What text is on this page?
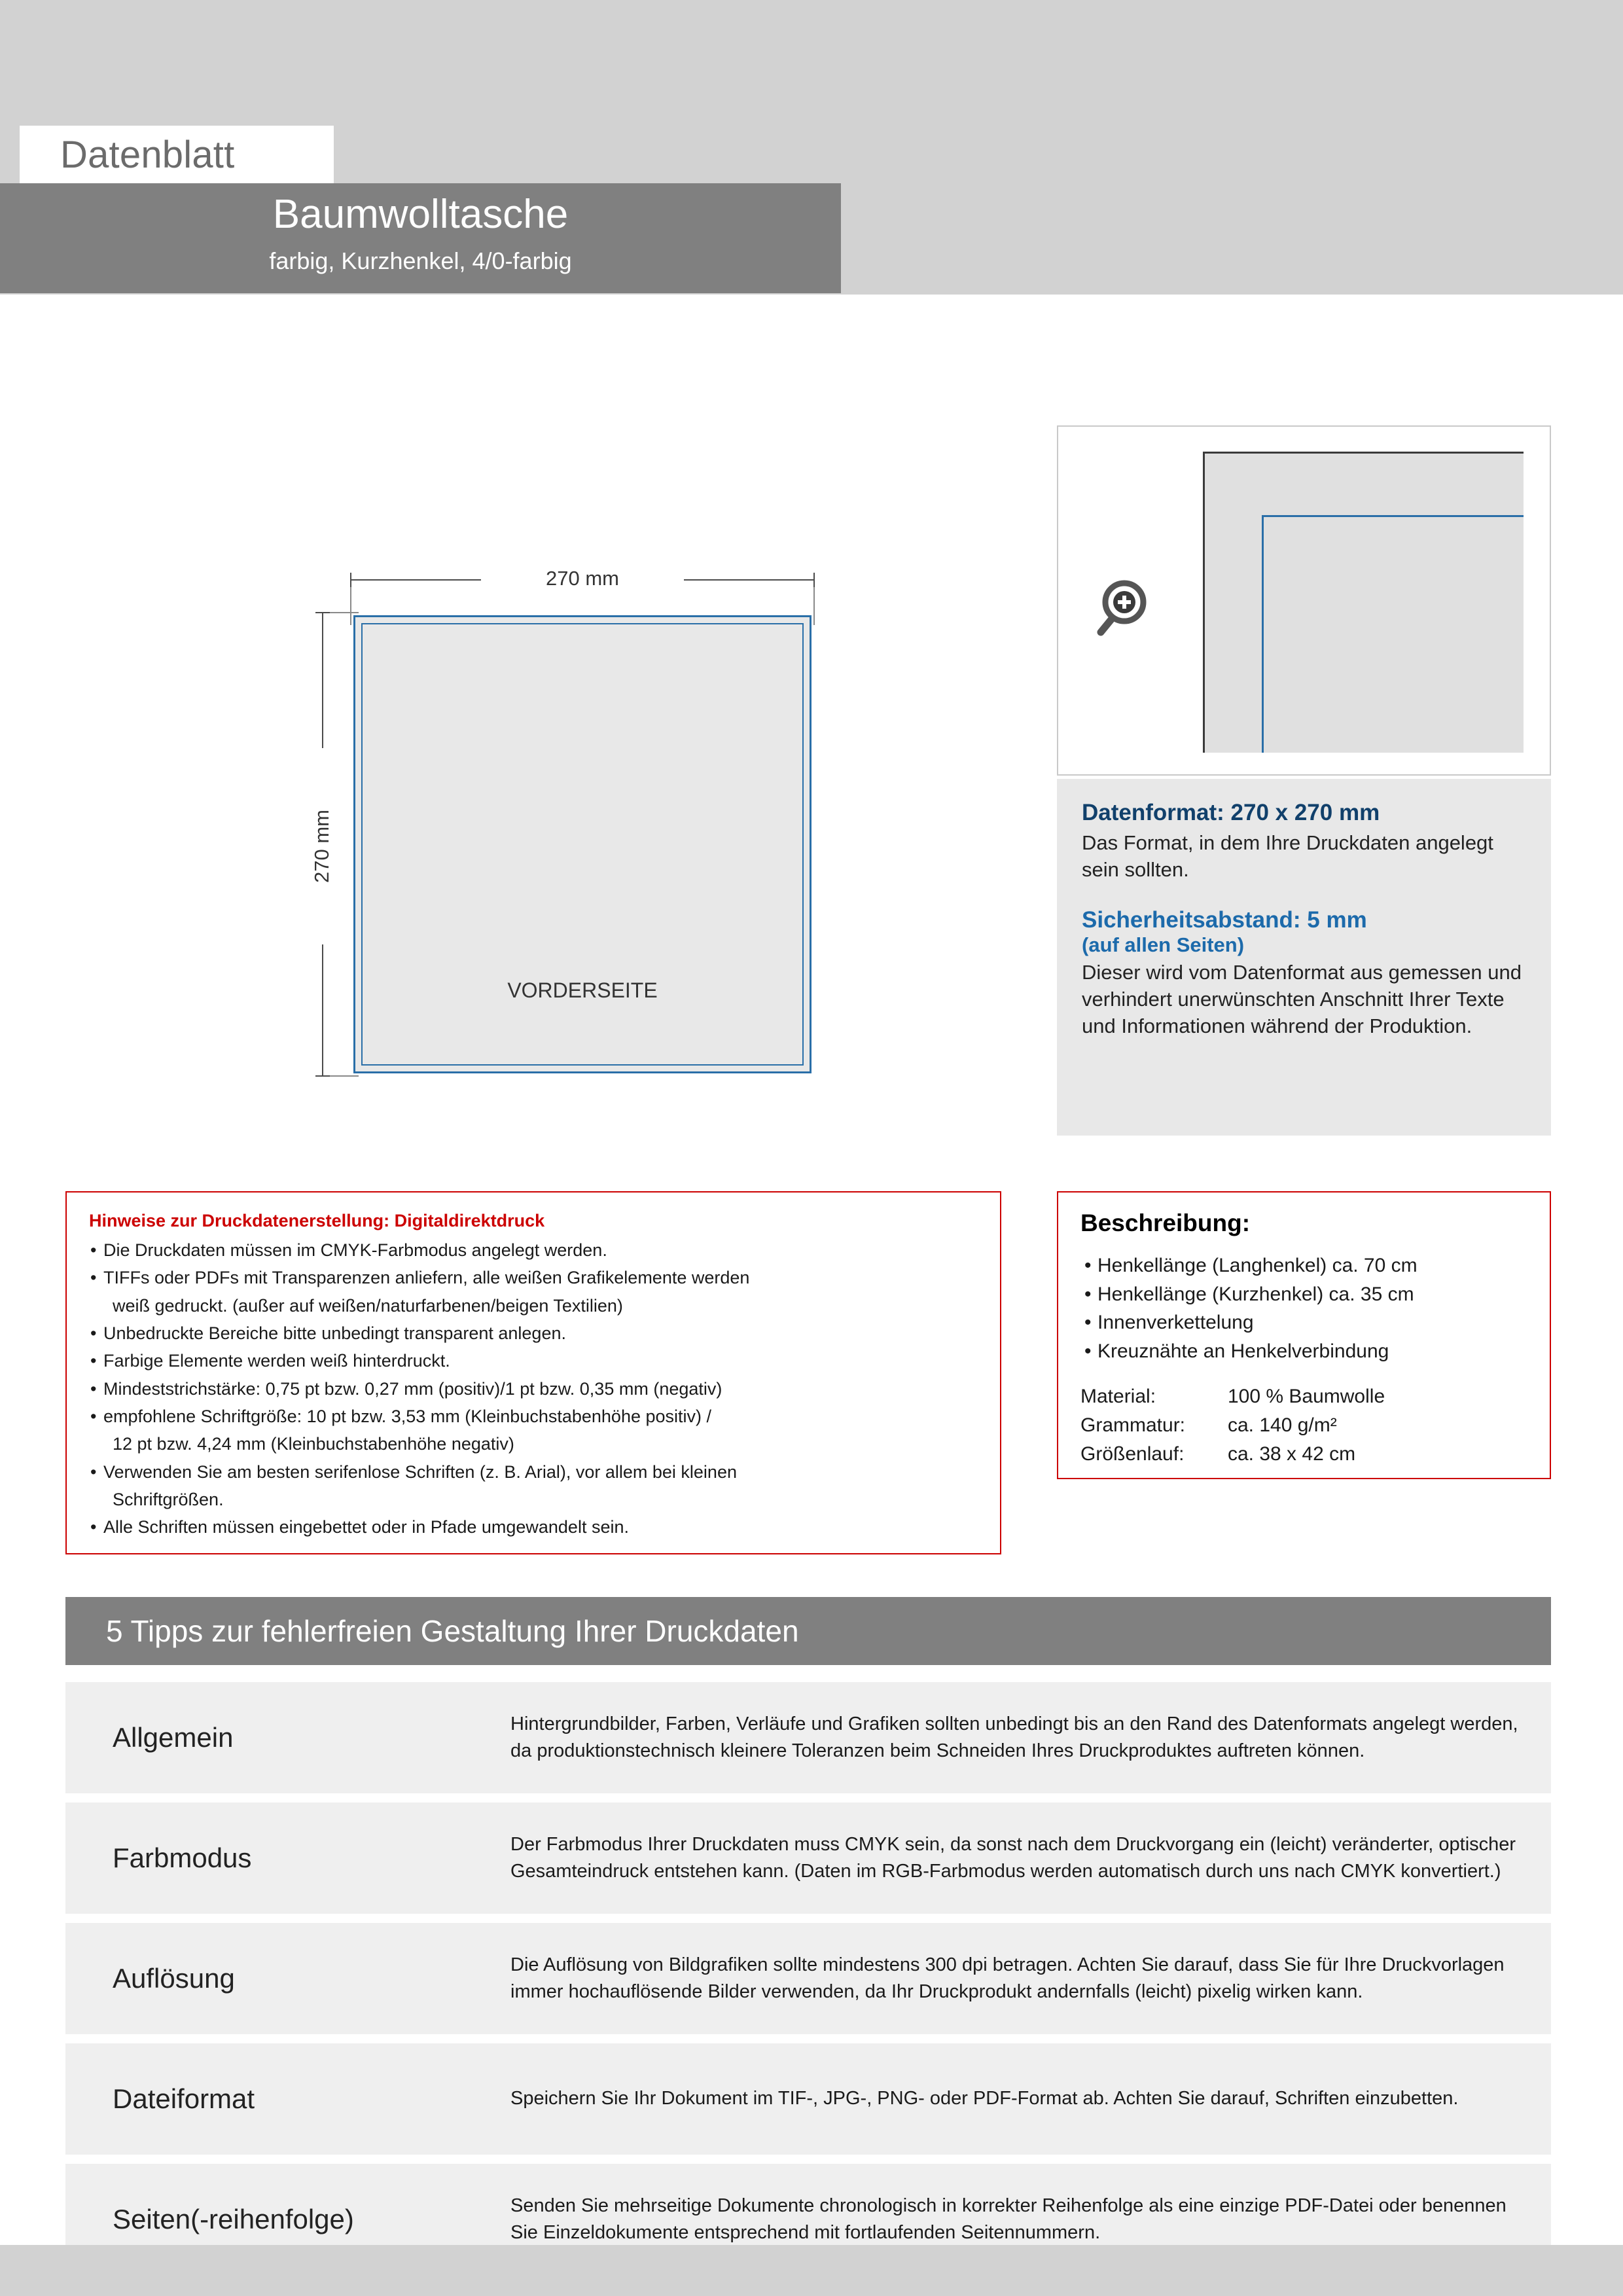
Datenblatt
Baumwolltasche
farbig, Kurzhenkel, 4/0-farbig
270 mm
270 mm
VORDERSEITE
Datenformat: 270 x 270 mm

Das Format, in dem Ihre Druckdaten angelegt sein sollten.

Sicherheitsabstand: 5 mm
(auf allen Seiten)

Dieser wird vom Datenformat aus gemessen und verhindert unerwünschten Anschnitt Ihrer Texte und Informationen während der Produktion.

Hinweise zur Druckdatenerstellung: Digitaldirektdruck
• Die Druckdaten müssen im CMYK-Farbmodus angelegt werden.
• TIFFs oder PDFs mit Transparenzen anliefern, alle weißen Grafikelemente werden
weiß gedruckt. (außer auf weißen/naturfarbenen/beigen Textilien)
• Unbedruckte Bereiche bitte unbedingt transparent anlegen.
• Farbige Elemente werden weiß hinterdruckt.
• Mindeststrichstärke: 0,75 pt bzw. 0,27 mm (positiv)/1 pt bzw. 0,35 mm (negativ)
• empfohlene Schriftgröße: 10 pt bzw. 3,53 mm (Kleinbuchstabenhöhe positiv) /
12 pt bzw. 4,24 mm (Kleinbuchstabenhöhe negativ)
• Verwenden Sie am besten serifenlose Schriften (z. B. Arial), vor allem bei kleinen
Schriftgrößen.
• Alle Schriften müssen eingebettet oder in Pfade umgewandelt sein.
Beschreibung:
• Henkellänge (Langhenkel) ca. 70 cm
• Henkellänge (Kurzhenkel) ca. 35 cm
• Innenverkettelung
• Kreuznähte an Henkelverbindung
Material:	100 % Baumwolle
Grammatur:	ca. 140 g/m²
Größenlauf:	ca. 38 x 42 cm
5 Tipps zur fehlerfreien Gestaltung Ihrer Druckdaten
Allgemein	Hintergrundbilder, Farben, Verläufe und Grafiken sollten unbedingt bis an den Rand des Datenformats angelegt werden, da produktionstechnisch kleinere Toleranzen beim Schneiden Ihres Druckproduktes auftreten können.
Farbmodus	Der Farbmodus Ihrer Druckdaten muss CMYK sein, da sonst nach dem Druckvorgang ein (leicht) veränderter, optischer Gesamteindruck entstehen kann. (Daten im RGB-Farbmodus werden automatisch durch uns nach CMYK konvertiert.)
Auflösung	Die Auflösung von Bildgrafiken sollte mindestens 300 dpi betragen. Achten Sie darauf, dass Sie für Ihre Druckvorlagen immer hochauflösende Bilder verwenden, da Ihr Druckprodukt andernfalls (leicht) pixelig wirken kann.
Dateiformat	Speichern Sie Ihr Dokument im TIF-, JPG-, PNG- oder PDF-Format ab. Achten Sie darauf, Schriften einzubetten.
Seiten(-reihenfolge)	Senden Sie mehrseitige Dokumente chronologisch in korrekter Reihenfolge als eine einzige PDF-Datei oder benennen Sie Einzeldokumente entsprechend mit fortlaufenden Seitennummern.
